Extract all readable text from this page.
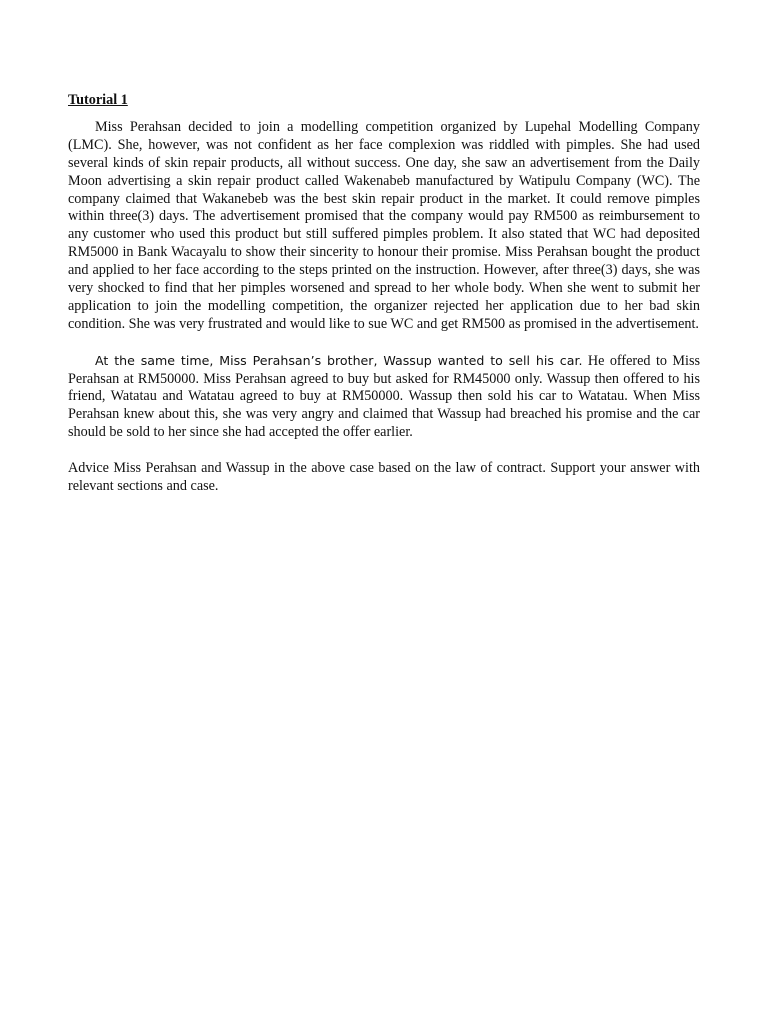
Tutorial 1

Miss Perahsan decided to join a modelling competition organized by Lupehal Modelling Company (LMC). She, however, was not confident as her face complexion was riddled with pimples. She had used several kinds of skin repair products, all without success. One day, she saw an advertisement from the Daily Moon advertising a skin repair product called Wakenabeb manufactured by Watipulu Company (WC). The company claimed that Wakanebeb was the best skin repair product in the market. It could remove pimples within three(3) days. The advertisement promised that the company would pay RM500 as reimbursement to any customer who used this product but still suffered pimples problem. It also stated that WC had deposited RM5000 in Bank Wacayalu to show their sincerity to honour their promise. Miss Perahsan bought the product and applied to her face according to the steps printed on the instruction. However, after three(3) days, she was very shocked to find that her pimples worsened and spread to her whole body. When she went to submit her application to join the modelling competition, the organizer rejected her application due to her bad skin condition. She was very frustrated and would like to sue WC and get RM500 as promised in the advertisement.

At the same time, Miss Perahsan’s brother, Wassup wanted to sell his car. He offered to Miss Perahsan at RM50000. Miss Perahsan agreed to buy but asked for RM45000 only. Wassup then offered to his friend, Watatau and Watatau agreed to buy at RM50000. Wassup then sold his car to Watatau. When Miss Perahsan knew about this, she was very angry and claimed that Wassup had breached his promise and the car should be sold to her since she had accepted the offer earlier.

Advice Miss Perahsan and Wassup in the above case based on the law of contract. Support your answer with relevant sections and case.
